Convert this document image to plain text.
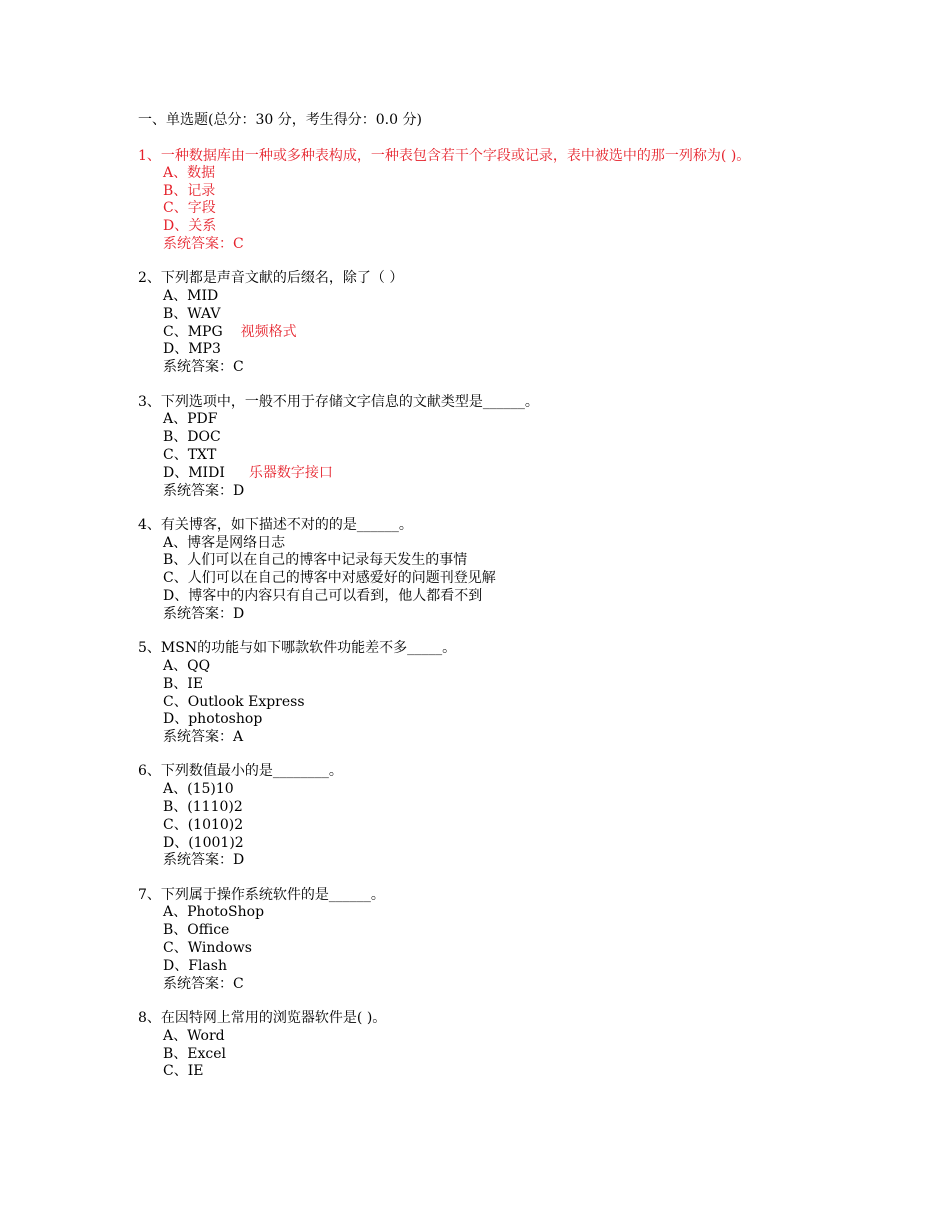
一、单选题(总分：30 分，考生得分：0.0 分)
1、一种数据库由一种或多种表构成，一种表包含若干个字段或记录，表中被选中的那一列称为( )。
A、数据
B、记录
C、字段
D、关系
系统答案：C
2、下列都是声音文献的后缀名，除了（ ）
A、MID
B、WAV
C、MPG 视频格式
D、MP3
系统答案：C
3、下列选项中，一般不用于存储文字信息的文献类型是______。
A、PDF
B、DOC
C、TXT
D、MIDI 乐器数字接口
系统答案：D
4、有关博客，如下描述不对的的是______。
A、博客是网络日志
B、人们可以在自己的博客中记录每天发生的事情
C、人们可以在自己的博客中对感爱好的问题刊登见解
D、博客中的内容只有自己可以看到，他人都看不到
系统答案：D
5、MSN的功能与如下哪款软件功能差不多_____。
A、QQ
B、IE
C、Outlook Express
D、photoshop
系统答案：A
6、下列数值最小的是________。
A、(15)10
B、(1110)2
C、(1010)2
D、(1001)2
系统答案：D
7、下列属于操作系统软件的是______。
A、PhotoShop
B、Office
C、Windows
D、Flash
系统答案：C
8、在因特网上常用的浏览器软件是( )。
A、Word
B、Excel
C、IE
